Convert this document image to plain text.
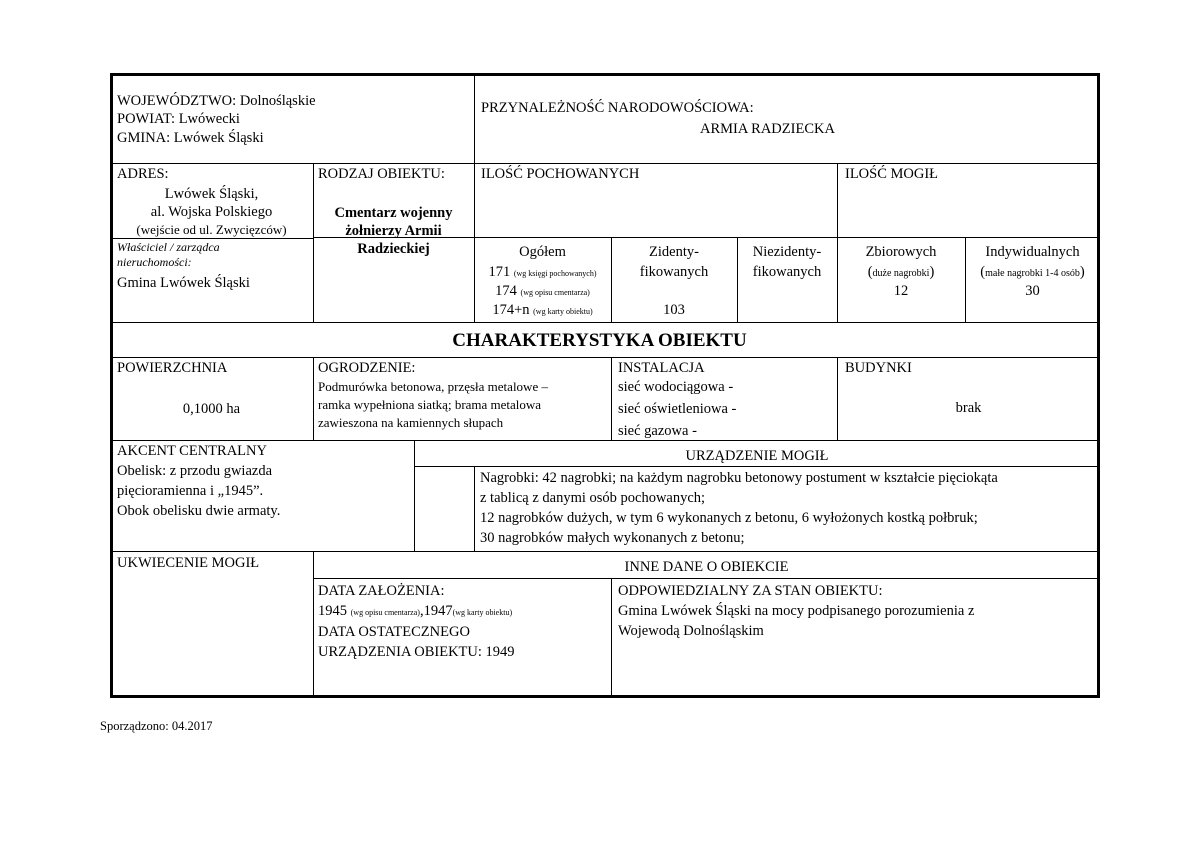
WOJEWÓDZTWO: Dolnośląskie
POWIAT: Lwówecki
GMINA: Lwówek Śląski
PRZYNALEŻNOŚĆ NARODOWOŚCIOWA:
ARMIA RADZIECKA
ADRES:
Lwówek Śląski,
al. Wojska Polskiego
(wejście od ul. Zwycięzców)
Właściciel / zarządca
nieruchomości:
Gmina Lwówek Śląski
RODZAJ OBIEKTU:
Cmentarz wojenny
żołnierzy Armii
Radzieckiej
ILOŚĆ POCHOWANYCH
Ogółem
171 (wg księgi pochowanych)
174 (wg opisu cmentarza)
174+n (wg karty obiektu)
Zidenty-
fikowanych
103
Niezidenty-
fikowanych
ILOŚĆ MOGIŁ
Zbiorowych
(duże nagrobki)
12
Indywidualnych
(małe nagrobki 1-4 osób)
30
CHARAKTERYSTYKA OBIEKTU
POWIERZCHNIA
0,1000 ha
OGRODZENIE:
Podmurówka betonowa, przęsła metalowe –
ramka wypełniona siatką; brama metalowa
zawieszona na kamiennych słupach
INSTALACJA
sieć wodociągowa -
sieć oświetleniowa -
sieć gazowa -
BUDYNKI
brak
AKCENT CENTRALNY
Obelisk: z przodu gwiazda
pięcioramienna i „1945”.
Obok obelisku dwie armaty.
URZĄDZENIE MOGIŁ
Nagrobki: 42 nagrobki; na każdym nagrobku betonowy postument w kształcie pięciokąta
z tablicą z danymi osób pochowanych;
12 nagrobków dużych, w tym 6 wykonanych z betonu, 6 wyłożonych kostką połbruk;
30 nagrobków małych wykonanych z betonu;
UKWIECENIE MOGIŁ	INNE DANE O OBIEKCIE
DATA ZAŁOŻENIA:
1945 (wg opisu cmentarza),1947(wg karty obiektu)
DATA OSTATECZNEGO
URZĄDZENIA OBIEKTU: 1949
ODPOWIEDZIALNY ZA STAN OBIEKTU:
Gmina Lwówek Śląski na mocy podpisanego porozumienia z
Wojewodą Dolnośląskim
Sporządzono: 04.2017
